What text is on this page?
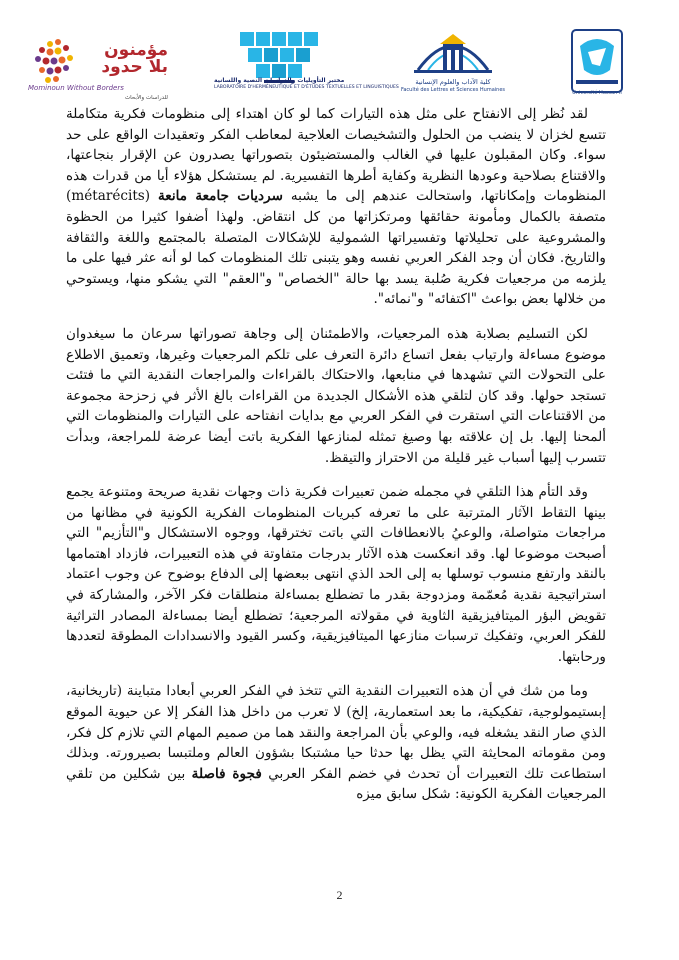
Université Hassan II
كلية الآداب والعلوم الإنسانية
Faculté des Lettres et Sciences Humaines
مختبر التأويليات والدراسات النصية واللسانية
LABORATOIRE D'HERMÉNEUTIQUE ET D'ÉTUDES TEXTUELLES ET LINGUISTIQUES
مؤمنون بلا حدود
Mominoun Without Borders
للدراسات والأبحاث

لقد نُظر إلى الانفتاح على مثل هذه التيارات كما لو كان اهتداء إلى منظومات فكرية متكاملة تتسع لخزان لا ينضب من الحلول والتشخيصات العلاجية لمعاطب الفكر وتعقيدات الواقع على حد سواء. وكان المقبلون عليها في الغالب والمستضيئون بتصوراتها يصدرون عن الإقرار بنجاعتها، والاقتناع بصلاحية وعودها النظرية وكفاية أطرها التفسيرية. لم يستشكل هؤلاء أيا من قدرات هذه المنظومات وإمكاناتها، واستحالت عندهم إلى ما يشبه سرديات جامعة مانعة (métarécits) متصفة بالكمال ومأمونة حقائقها ومرتكزاتها من كل انتقاض. ولهذا أضفوا كثيرا من الحظوة والمشروعية على تحليلاتها وتفسيراتها الشمولية للإشكالات المتصلة بالمجتمع واللغة والثقافة والتاريخ. فكان أن وجد الفكر العربي نفسه وهو يتبنى تلك المنظومات كما لو أنه عثر فيها على ما يلزمه من مرجعيات فكرية صُلبة يسد بها حالة "الخصاص" و"العقم" التي يشكو منها، ويستوحي من خلالها بعض بواعث "اكتفائه" و"نمائه".

لكن التسليم بصلابة هذه المرجعيات، والاطمئنان إلى وجاهة تصوراتها سرعان ما سيغدوان موضوع مساءلة وارتياب بفعل اتساع دائرة التعرف على تلكم المرجعيات وغيرها، وتعميق الاطلاع على التحولات التي تشهدها في منابعها، والاحتكاك بالقراءات والمراجعات النقدية التي ما فتئت تستجد حولها. وقد كان لتلقي هذه الأشكال الجديدة من القراءات بالغ الأثر في زحزحة مجموعة من الاقتناعات التي استقرت في الفكر العربي مع بدايات انفتاحه على التيارات والمنظومات التي ألمحنا إليها. بل إن علاقته بها وصيغ تمثله لمنازعها الفكرية باتت أيضا عرضة للمراجعة، وبدأت تتسرب إليها أسباب غير قليلة من الاحتراز والتيقظ.

وقد التأم هذا التلقي في مجمله ضمن تعبيرات فكرية ذات وجهات نقدية صريحة ومتنوعة يجمع بينها التقاط الآثار المترتبة على ما تعرفه كبريات المنظومات الفكرية الكونية في مظانها من مراجعات متواصلة، والوعيُ بالانعطافات التي باتت تخترقها، ووجوه الاستشكال و"التأزيم" التي أصبحت موضوعا لها. وقد انعكست هذه الآثار بدرجات متفاوتة في هذه التعبيرات، فازداد اهتمامها بالنقد وارتفع منسوب توسلها به إلى الحد الذي انتهى ببعضها إلى الدفاع بوضوح عن وجوب اعتماد استراتيجية نقدية مُعمّمة ومزدوجة بقدر ما تضطلع بمساءلة منطلقات فكر الآخر، والمشاركة في تقويض البؤر الميتافيزيقية الثاوية في مقولاته المرجعية؛ تضطلع أيضا بمساءلة المصادر التراثية للفكر العربي، وتفكيك ترسبات منازعها الميتافيزيقية، وكسر القيود والانسدادات المطوقة لتعددها ورحابتها.

وما من شك في أن هذه التعبيرات النقدية التي تتخذ في الفكر العربي أبعادا متباينة (تاريخانية، إبستيمولوجية، تفكيكية، ما بعد استعمارية، إلخ) لا تعرب من داخل هذا الفكر إلا عن حيوية الموقع الذي صار النقد يشغله فيه، والوعي بأن المراجعة والنقد هما من صميم المهام التي تلازم كل فكر، ومن مقوماته المحايثة التي يظل بها حدثا حيا مشتبكا بشؤون العالم وملتبسا بصيرورته. وبذلك استطاعت تلك التعبيرات أن تحدث في خضم الفكر العربي فجوة فاصلة بين شكلين من تلقي المرجعيات الفكرية الكونية: شكل سابق ميزه

2
